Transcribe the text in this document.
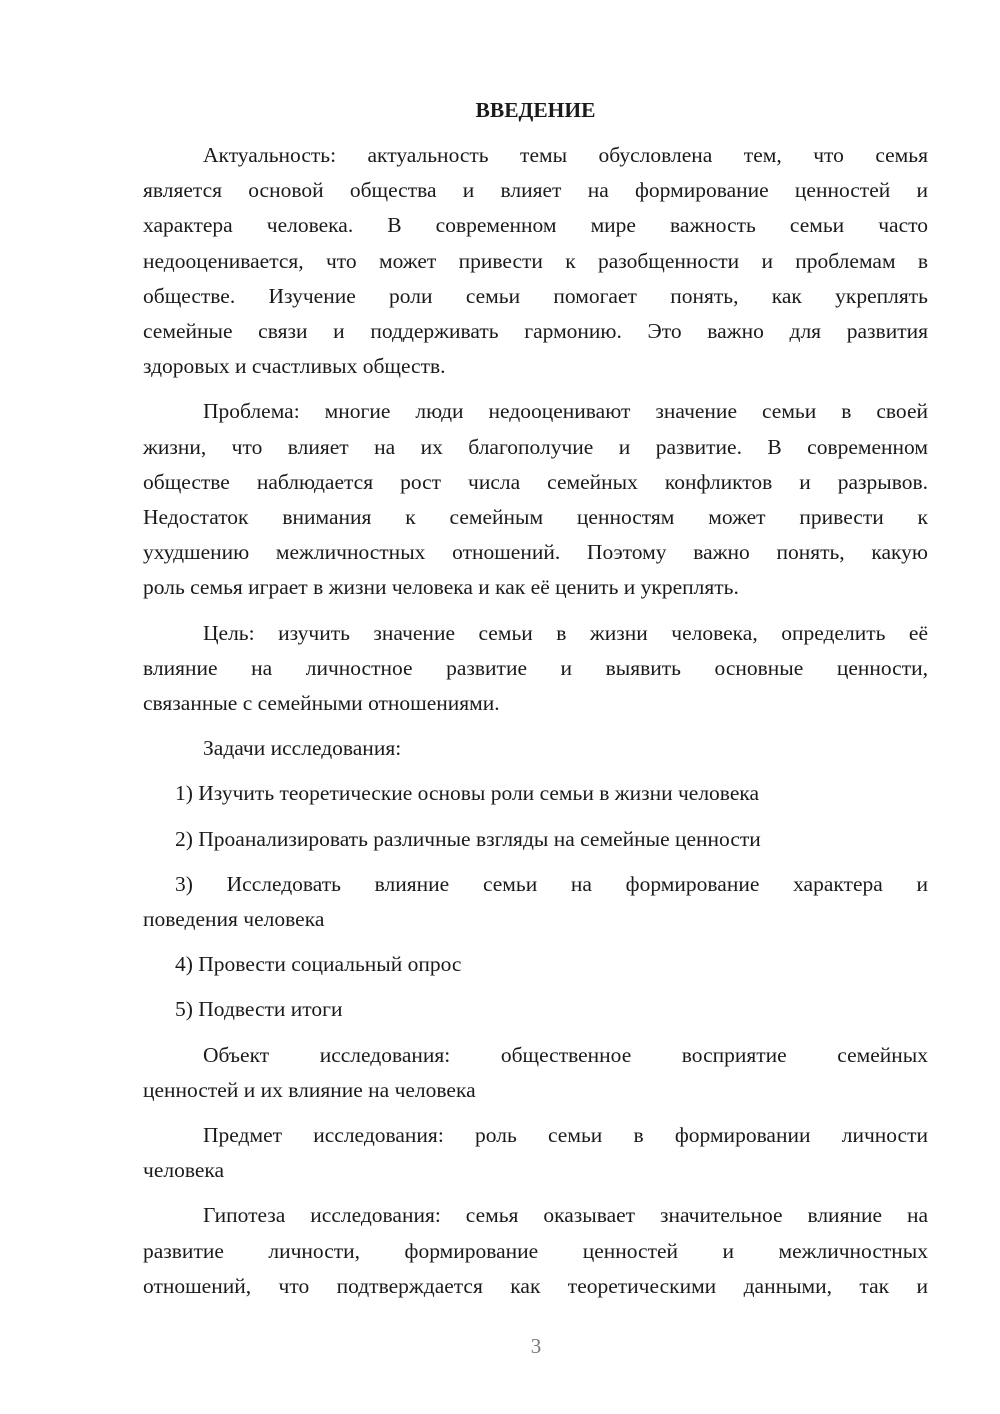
ВВЕДЕНИЕ
Актуальность: актуальность темы обусловлена тем, что семья
является основой общества и влияет на формирование ценностей и
характера человека. В современном мире важность семьи часто
недооценивается, что может привести к разобщенности и проблемам в
обществе. Изучение роли семьи помогает понять, как укреплять
семейные связи и поддерживать гармонию. Это важно для развития
здоровых и счастливых обществ.
Проблема: многие люди недооценивают значение семьи в своей
жизни, что влияет на их благополучие и развитие. В современном
обществе наблюдается рост числа семейных конфликтов и разрывов.
Недостаток внимания к семейным ценностям может привести к
ухудшению межличностных отношений. Поэтому важно понять, какую
роль семья играет в жизни человека и как её ценить и укреплять.
Цель: изучить значение семьи в жизни человека, определить её
влияние на личностное развитие и выявить основные ценности,
связанные с семейными отношениями.
Задачи исследования:
1) Изучить теоретические основы роли семьи в жизни человека
2) Проанализировать различные взгляды на семейные ценности
3) Исследовать влияние семьи на формирование характера и
поведения человека
4) Провести социальный опрос
5) Подвести итоги
Объект исследования: общественное восприятие семейных
ценностей и их влияние на человека
Предмет исследования: роль семьи в формировании личности
человека
Гипотеза исследования: семья оказывает значительное влияние на
развитие личности, формирование ценностей и межличностных
отношений, что подтверждается как теоретическими данными, так и
3
